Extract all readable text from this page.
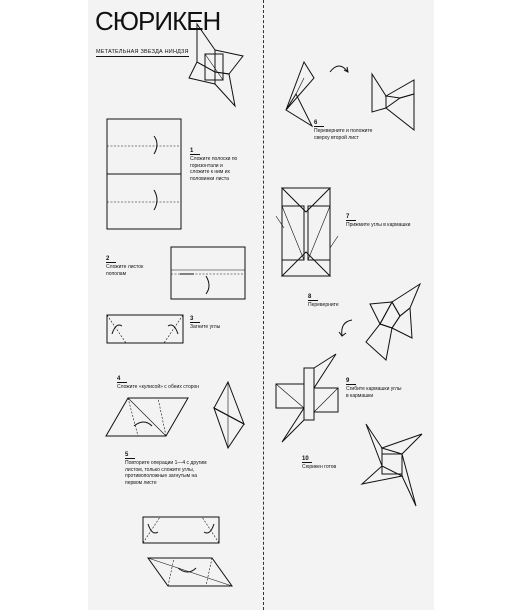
СЮРИКЕН
МЕТАТЕЛЬНАЯ ЗВЕЗДА НИНДЗЯ
1
Сложите полоски по горизонтали и сложите к ним их половинки листа
2
Сложите листок пополам
3
Загните углы
4
Сложите «кулисой» с обеих сторон
5
Повторите операции 1—4 с другим листом, только сложите углы, противоположные загнутым на первом листе
6
Переверните и положите сверху второй лист
7
Прижмите углы в кармашки
8
Переверните
9
Сгибите кармашки углы в кармашки
10
Сюрикен готов
